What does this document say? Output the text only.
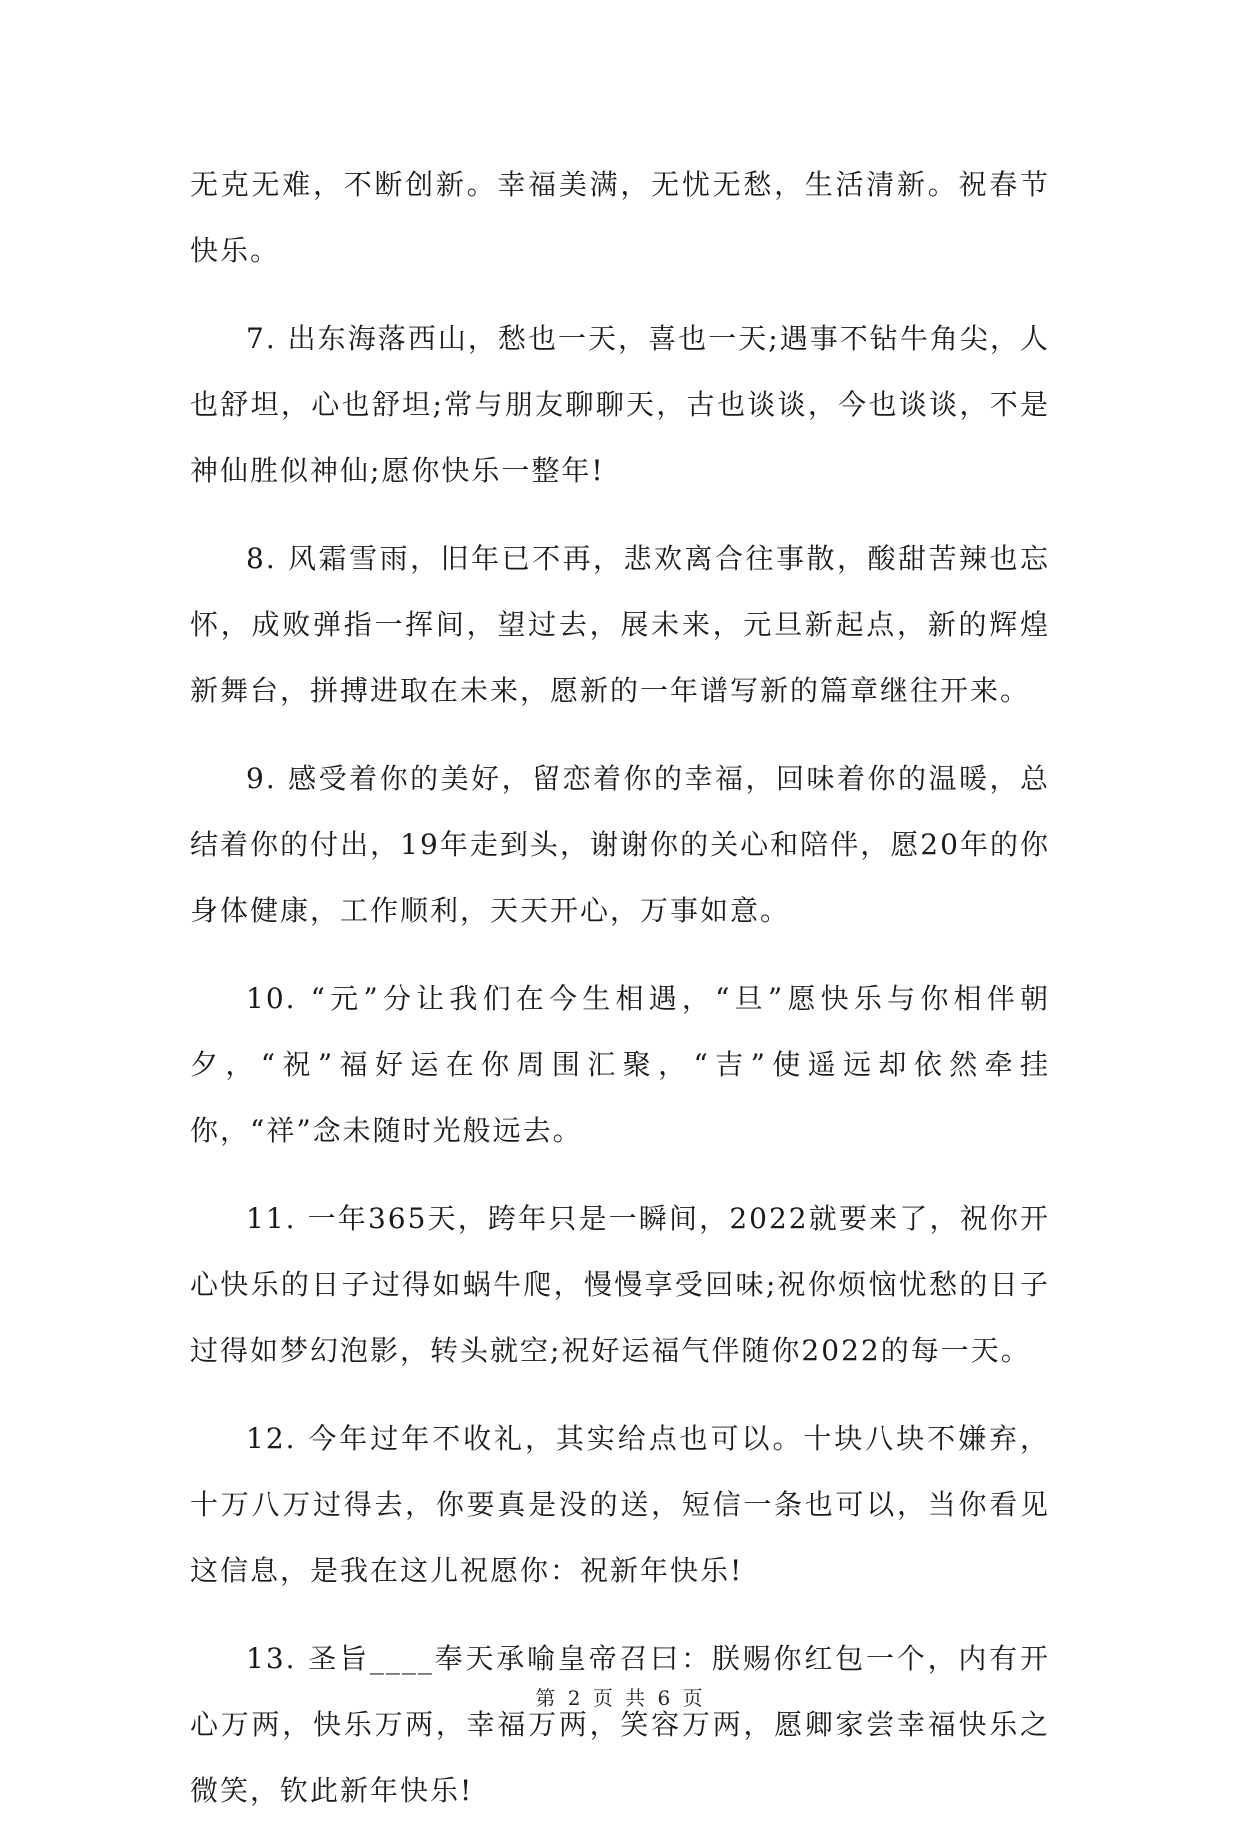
无克无难，不断创新。幸福美满，无忧无愁，生活清新。祝春节快乐。

7. 出东海落西山，愁也一天，喜也一天;遇事不钻牛角尖，人也舒坦，心也舒坦;常与朋友聊聊天，古也谈谈，今也谈谈，不是神仙胜似神仙;愿你快乐一整年!

8. 风霜雪雨，旧年已不再，悲欢离合往事散，酸甜苦辣也忘怀，成败弹指一挥间，望过去，展未来，元旦新起点，新的辉煌新舞台，拼搏进取在未来，愿新的一年谱写新的篇章继往开来。

9. 感受着你的美好，留恋着你的幸福，回味着你的温暖，总结着你的付出，19年走到头，谢谢你的关心和陪伴，愿20年的你身体健康，工作顺利，天天开心，万事如意。

10. “元”分让我们在今生相遇，“旦”愿快乐与你相伴朝夕，“祝”福好运在你周围汇聚，“吉”使遥远却依然牵挂你，“祥”念未随时光般远去。

11. 一年365天，跨年只是一瞬间，2022就要来了，祝你开心快乐的日子过得如蜗牛爬，慢慢享受回味;祝你烦恼忧愁的日子过得如梦幻泡影，转头就空;祝好运福气伴随你2022的每一天。

12. 今年过年不收礼，其实给点也可以。十块八块不嫌弃，十万八万过得去，你要真是没的送，短信一条也可以，当你看见这信息，是我在这儿祝愿你：祝新年快乐!

13. 圣旨____奉天承喻皇帝召曰：朕赐你红包一个，内有开心万两，快乐万两，幸福万两，笑容万两，愿卿家尝幸福快乐之微笑，钦此新年快乐!

第 2 页 共 6 页
